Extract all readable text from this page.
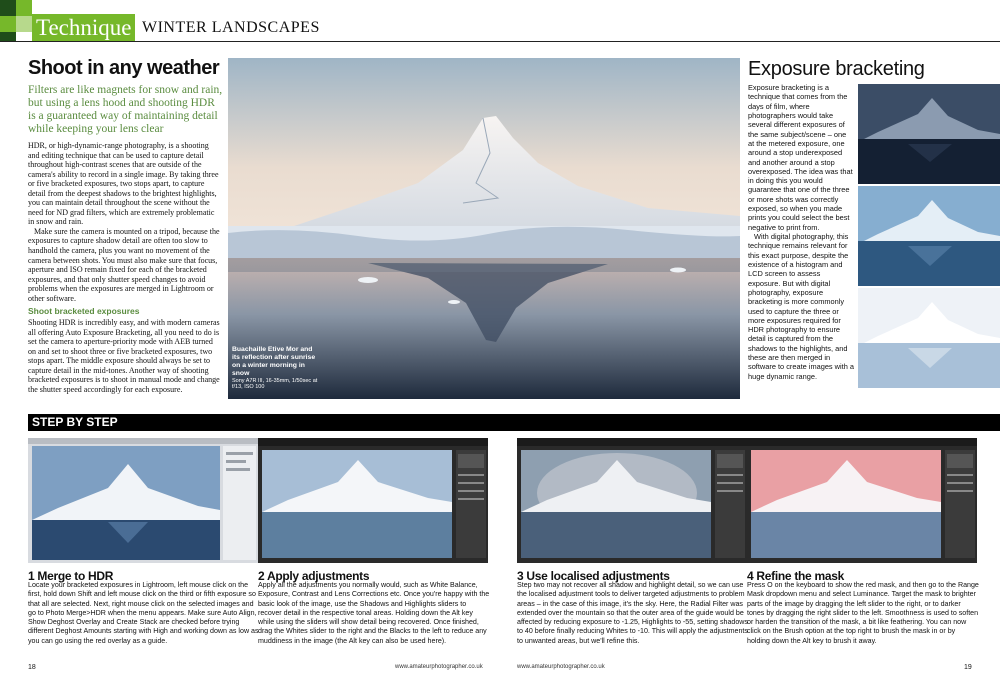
Technique WINTER LANDSCAPES
Shoot in any weather
Filters are like magnets for snow and rain, but using a lens hood and shooting HDR is a guaranteed way of maintaining detail while keeping your lens clear

HDR, or high-dynamic-range photography, is a shooting and editing technique that can be used to capture detail throughout high-contrast scenes that are outside of the camera's ability to record in a single image. By taking three or five bracketed exposures, two stops apart, to capture detail from the deepest shadows to the brightest highlights, you can maintain detail throughout the scene without the need for ND grad filters, which are extremely problematic in snow and rain.

Make sure the camera is mounted on a tripod, because the exposures to capture shadow detail are often too slow to handhold the camera, plus you want no movement of the camera between shots. You must also make sure that focus, aperture and ISO remain fixed for each of the bracketed exposures, and that only shutter speed changes to avoid problems when the exposures are merged in Lightroom or other software.

Shoot bracketed exposures
Shooting HDR is incredibly easy, and with modern cameras all offering Auto Exposure Bracketing, all you need to do is set the camera to aperture-priority mode with AEB turned on and set to shoot three or five bracketed exposures, two stops apart. The middle exposure should always be set to capture detail in the mid-tones. Another way of shooting bracketed exposures is to shoot in manual mode and change the shutter speed accordingly for each exposure.
Buachaille Etive Mor and its reflection after sunrise on a winter morning in snow
Sony A7R III, 16-35mm, 1/50sec at f/13, ISO 100
Exposure bracketing

Exposure bracketing is a technique that comes from the days of film, where photographers would take several different exposures of the same subject/scene – one at the metered exposure, one around a stop underexposed and another around a stop overexposed. The idea was that in doing this you would guarantee that one of the three or more shots was correctly exposed, so when you made prints you could select the best negative to print from.

With digital photography, this technique remains relevant for this exact purpose, despite the existence of a histogram and LCD screen to assess exposure. But with digital photography, exposure bracketing is more commonly used to capture the three or more exposures required for HDR photography to ensure detail is captured from the shadows to the highlights, and these are then merged in software to create images with a huge dynamic range.

STEP BY STEP
1 Merge to HDR
Locate your bracketed exposures in Lightroom, left mouse click on the first, hold down Shift and left mouse click on the third or fifth exposure so that all are selected. Next, right mouse click on the selected images and go to Photo Merge>HDR when the menu appears. Make sure Auto Align, Show Deghost Overlay and Create Stack are checked before trying different Deghost Amounts starting with High and working down as low as you can go using the red overlay as a guide.
2 Apply adjustments
Apply all the adjustments you normally would, such as White Balance, Exposure, Contrast and Lens Corrections etc. Once you're happy with the basic look of the image, use the Shadows and Highlights sliders to recover detail in the respective tonal areas. Holding down the Alt key while using the sliders will show detail being recovered. Once finished, drag the Whites slider to the right and the Blacks to the left to reduce any muddiness in the image (the Alt key can also be used here).
3 Use localised adjustments
Step two may not recover all shadow and highlight detail, so we can use the localised adjustment tools to deliver targeted adjustments to problem areas – in the case of this image, it's the sky. Here, the Radial Filter was extended over the mountain so that the outer area of the guide would be affected by reducing exposure to -1.25, Highlights to -55, setting shadows to 40 before finally reducing Whites to -10. This will apply the adjustments to unwanted areas, but we'll refine this.
4 Refine the mask
Press O on the keyboard to show the red mask, and then go to the Range Mask dropdown menu and select Luminance. Target the mask to brighter parts of the image by dragging the left slider to the right, or to darker tones by dragging the right slider to the left. Smoothness is used to soften or harden the transition of the mask, a bit like feathering. You can now click on the Brush option at the top right to brush the mask in or by holding down the Alt key to brush it away.
18	www.amateurphotographer.co.uk	www.amateurphotographer.co.uk	19
